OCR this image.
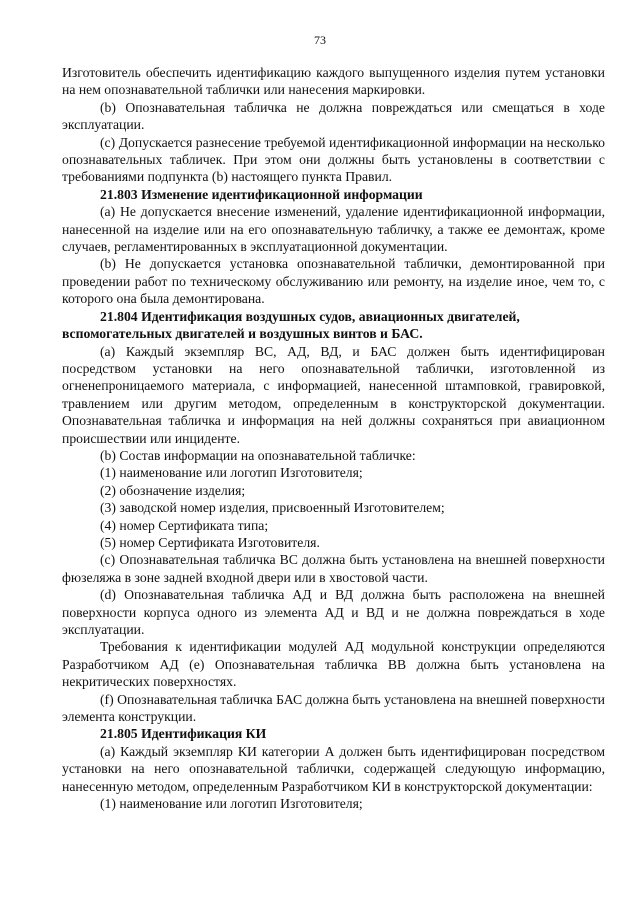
73

Изготовитель обеспечить идентификацию каждого выпущенного изделия путем установки на нем опознавательной таблички или нанесения маркировки.

(b) Опознавательная табличка не должна повреждаться или смещаться в ходе эксплуатации.

(c) Допускается разнесение требуемой идентификационной информации на несколько опознавательных табличек. При этом они должны быть установлены в соответствии с требованиями подпункта (b) настоящего пункта Правил.

21.803 Изменение идентификационной информации

(a) Не допускается внесение изменений, удаление идентификационной информации, нанесенной на изделие или на его опознавательную табличку, а также ее демонтаж, кроме случаев, регламентированных в эксплуатационной документации.

(b) Не допускается установка опознавательной таблички, демонтированной при проведении работ по техническому обслуживанию или ремонту, на изделие иное, чем то, с которого она была демонтирована.

21.804 Идентификация воздушных судов, авиационных двигателей, вспомогательных двигателей и воздушных винтов и БАС.

(a) Каждый экземпляр ВС, АД, ВД, и БАС должен быть идентифицирован посредством установки на него опознавательной таблички, изготовленной из огненепроницаемого материала, с информацией, нанесенной штамповкой, гравировкой, травлением или другим методом, определенным в конструкторской документации. Опознавательная табличка и информация на ней должны сохраняться при авиационном происшествии или инциденте.

(b) Состав информации на опознавательной табличке:

(1) наименование или логотип Изготовителя;

(2) обозначение изделия;

(3) заводской номер изделия, присвоенный Изготовителем;

(4) номер Сертификата типа;

(5) номер Сертификата Изготовителя.

(c) Опознавательная табличка ВС должна быть установлена на внешней поверхности фюзеляжа в зоне задней входной двери или в хвостовой части.

(d) Опознавательная табличка АД и ВД должна быть расположена на внешней поверхности корпуса одного из элемента АД и ВД и не должна повреждаться в ходе эксплуатации.

Требования к идентификации модулей АД модульной конструкции определяются Разработчиком АД (e) Опознавательная табличка ВВ должна быть установлена на некритических поверхностях.

(f) Опознавательная табличка БАС должна быть установлена на внешней поверхности элемента конструкции.

21.805 Идентификация КИ

(a) Каждый экземпляр КИ категории А должен быть идентифицирован посредством установки на него опознавательной таблички, содержащей следующую информацию, нанесенную методом, определенным Разработчиком КИ в конструкторской документации:

(1) наименование или логотип Изготовителя;
